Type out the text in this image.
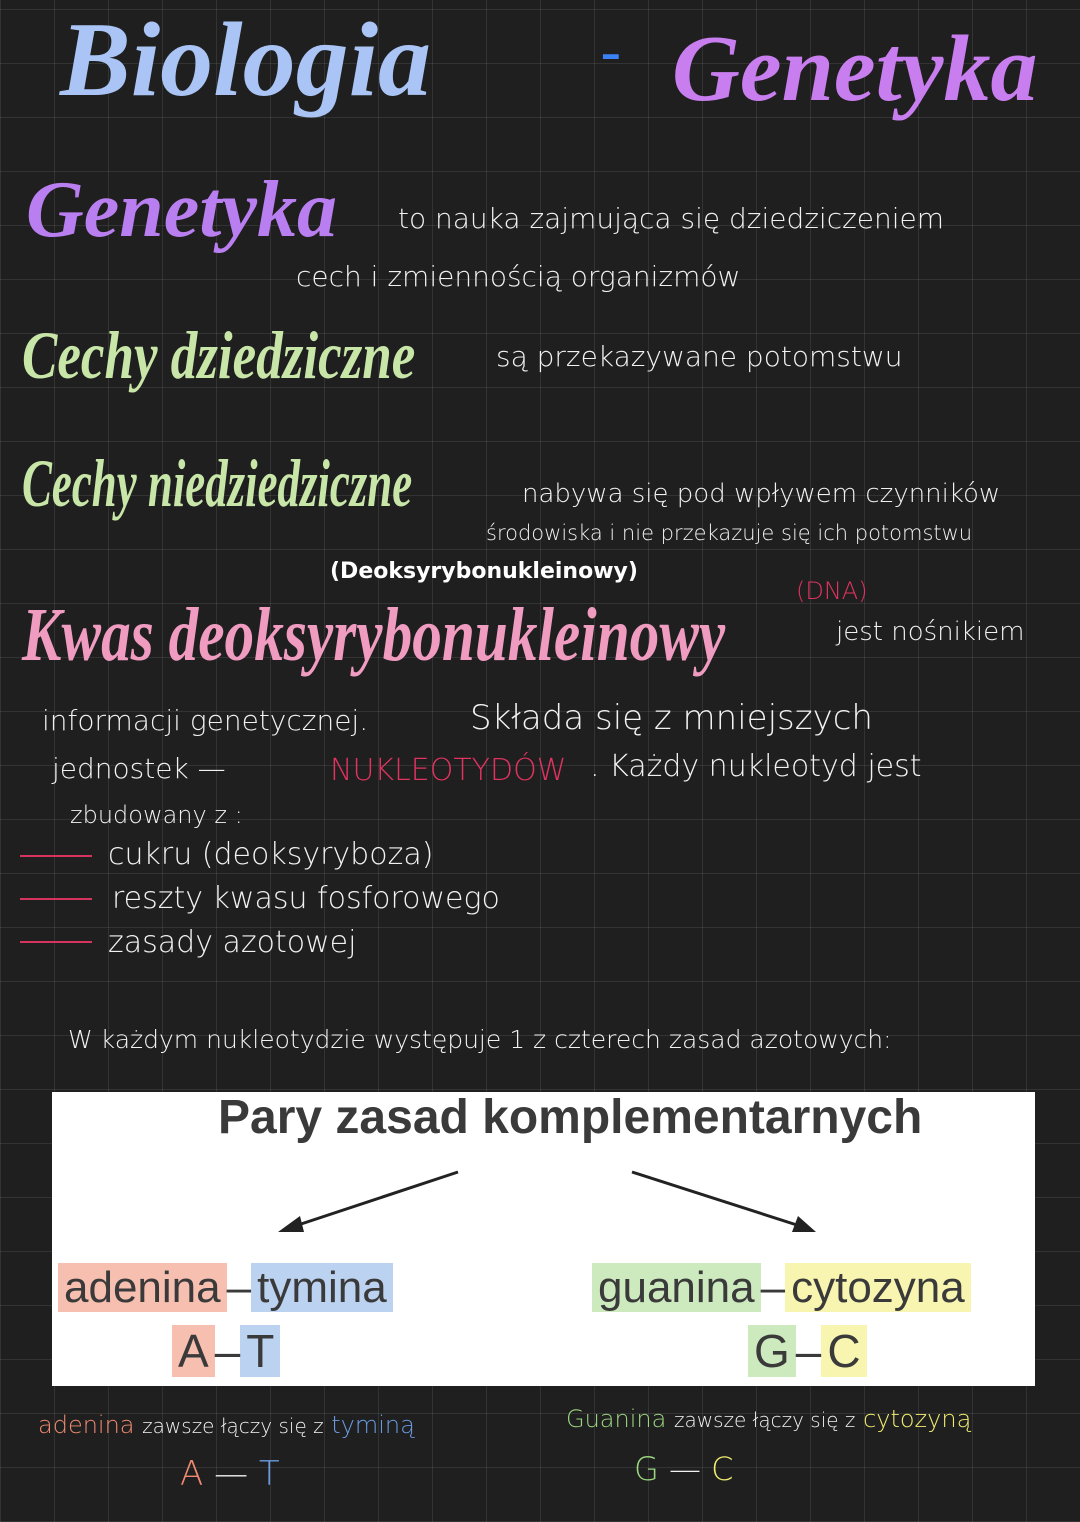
Biologia	- Genetyka
Genetyka to nauka zajmująca się dziedziczeniem
cech i zmiennością organizmów
Cechy dziedziczne	są przekazywane potomstwu
Cechy niedziedziczne	nabywa się pod wpływem czynników
środowiska i nie przekazuje się ich potomstwu
(Deoksyrybonukleinowy)
Kwas deoksyrybonukleinowy
(DNA)
jest nośnikiem
informacji genetycznej.	Składa się z mniejszych
jednostek —	NUKLEOTYDÓW . Każdy nukleotyd jest
zbudowany z :
cukru (deoksyryboza)
reszty kwasu fosforowego
zasady azotowej
W każdym nukleotydzie występuje 1 z czterech zasad azotowych:
Pary zasad komplementarnych
adenina – tymina
A – T
guanina – cytozyna
G – C
adenina zawsze łączy się z tyminą
A — T
Guanina zawsze łączy się z cytozyną
G — C
